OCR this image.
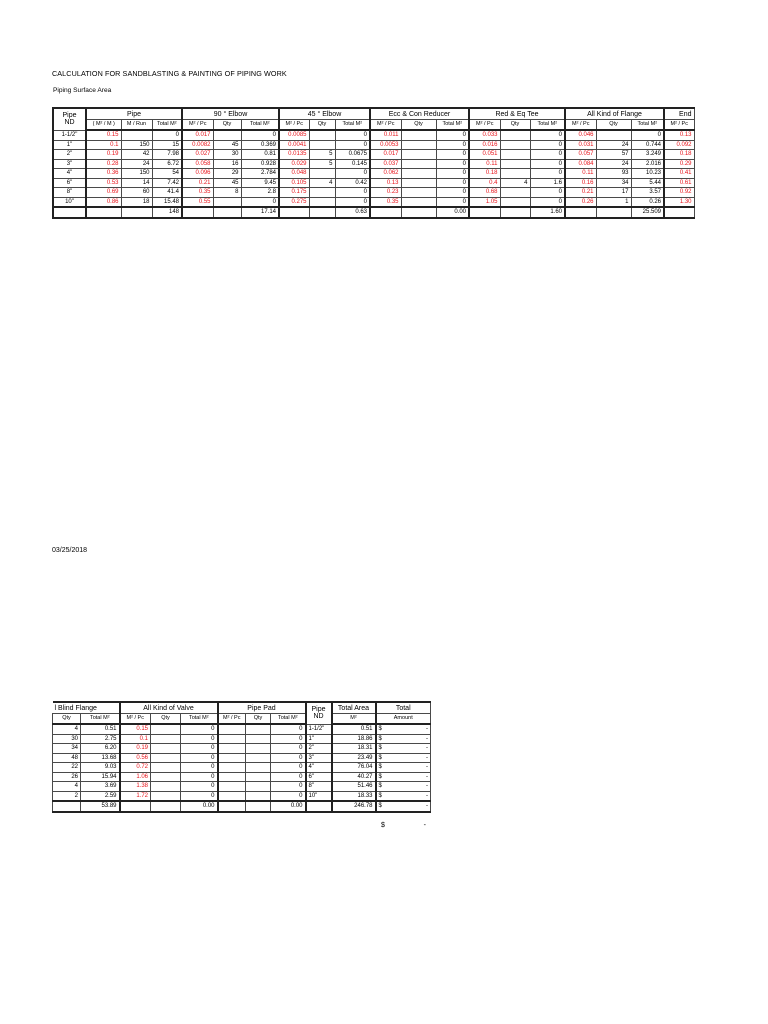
CALCULATION FOR SANDBLASTING & PAINTING OF PIPING WORK
Piping Surface Area
Pipe
ND	Pipe			90 ° Elbow			45 ° Elbow			Ecc & Con Reducer			Red & Eq Tee			All Kind of Flange			End
	( M² / M )	M / Run	Total M²	M² / Pc	Qty	Total M²	M² / Pc	Qty	Total M²	M² / Pc	Qty	Total M²	M² / Pc	Qty	Total M²	M² / Pc	Qty	Total M²	M² / Pc
1-1/2"	0.15		0	0.017		0	0.0085		0	0.011		0	0.033		0	0.046		0	0.13
1"	0.1	150	15	0.0082	45	0.369	0.0041		0	0.0053		0	0.016		0	0.031	24	0.744	0.092
2"	0.19	42	7.98	0.027	30	0.81	0.0135	5	0.0675	0.017		0	0.051		0	0.057	57	3.249	0.18
3"	0.28	24	6.72	0.058	16	0.928	0.029	5	0.145	0.037		0	0.11		0	0.084	24	2.016	0.29
4"	0.36	150	54	0.096	29	2.784	0.048		0	0.062		0	0.18		0	0.11	93	10.23	0.41
6"	0.53	14	7.42	0.21	45	9.45	0.105	4	0.42	0.13		0	0.4	4	1.6	0.16	34	5.44	0.61
8"	0.69	60	41.4	0.35	8	2.8	0.175		0	0.23		0	0.68		0	0.21	17	3.57	0.92
10"	0.86	18	15.48	0.55		0	0.275		0	0.35		0	1.05		0	0.26	1	0.26	1.30
			148			17.14			0.63			0.00			1.60			25.509	
03/25/2018
l Blind Flange		All Kind of Valve			Pipe Pad			Pipe
ND	Total Area	Total
Qty	Total M²	M² / Pc	Qty	Total M²	M² / Pc	Qty	Total M²		M²	Amount
4	0.51	0.15		0			0	1-1/2"	0.51	$ -

30	2.75	0.1		0			0	1"	18.86	$ -

34	6.20	0.19		0			0	2"	18.31	$ -

48	13.68	0.56		0			0	3"	23.49	$ -

22	9.03	0.72		0			0	4"	76.04	$ -

26	15.94	1.06		0			0	6"	40.27	$ -

4	3.69	1.38		0			0	8"	51.46	$ -

2	2.59	1.72		0			0	10"	18.33	$ -

	53.89			0.00			0.00		246.78	$ -
$	-
